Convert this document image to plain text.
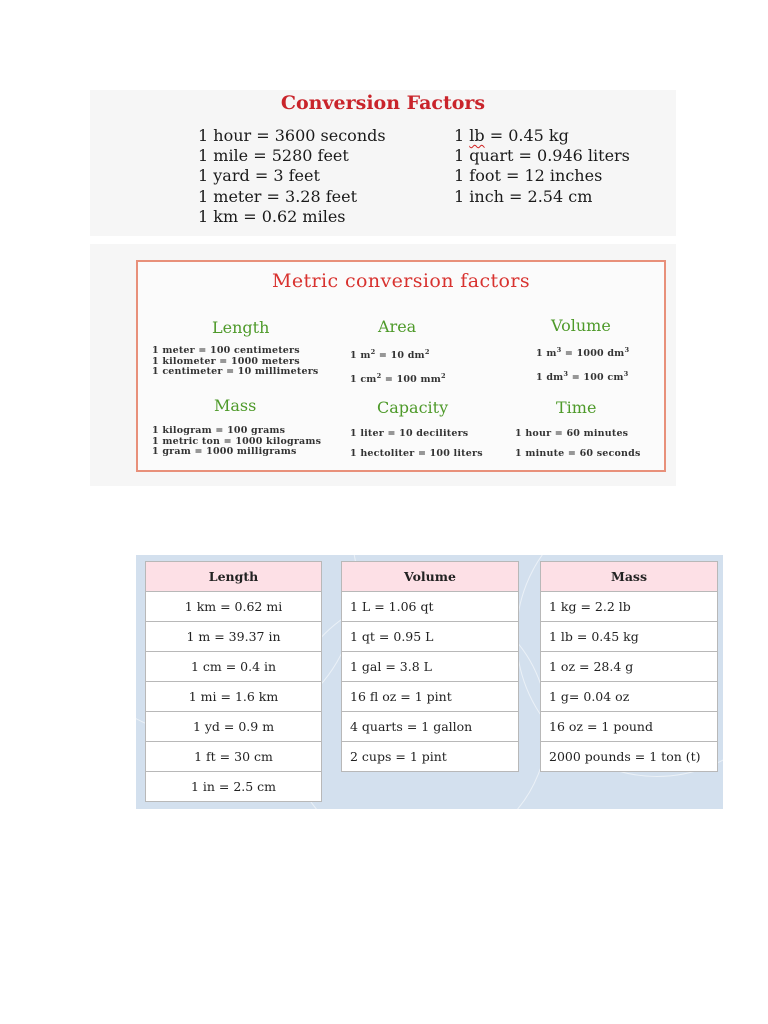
Conversion Factors
1 hour = 3600 seconds
1 mile = 5280 feet
1 yard = 3 feet
1 meter = 3.28 feet
1 km = 0.62 miles
1 lb = 0.45 kg
1 quart = 0.946 liters
1 foot = 12 inches
1 inch = 2.54 cm
Metric conversion factors
Length
1 meter = 100 centimeters
1 kilometer = 1000 meters
1 centimeter = 10 millimeters
Area
1 $m^2 = 10$ $dm^2$
1 $cm^2 = 100$ $mm^2$
Volume
1 $m^3 = 1000$ $dm^3$
1 $dm^3 = 100$ $cm^3$
Mass
1 kilogram = 100 grams
1 metric ton = 1000 kilograms
1 gram = 1000 milligrams
Capacity
1 liter = 10 deciliters
1 hectoliter = 100 liters
Time
1 hour = 60 minutes
1 minute = 60 seconds
Length
1 km = 0.62 mi
1 m = 39.37 in
1 cm = 0.4 in
1 mi = 1.6 km
1 yd = 0.9 m
1 ft = 30 cm
1 in = 2.5 cm
Volume
1 L = 1.06 qt
1 qt = 0.95 L
1 gal = 3.8 L
16 fl oz = 1 pint
4 quarts = 1 gallon
2 cups = 1 pint
Mass
1 kg = 2.2 lb
1 lb = 0.45 kg
1 oz = 28.4 g
1 g= 0.04 oz
16 oz = 1 pound
2000 pounds = 1 ton (t)
